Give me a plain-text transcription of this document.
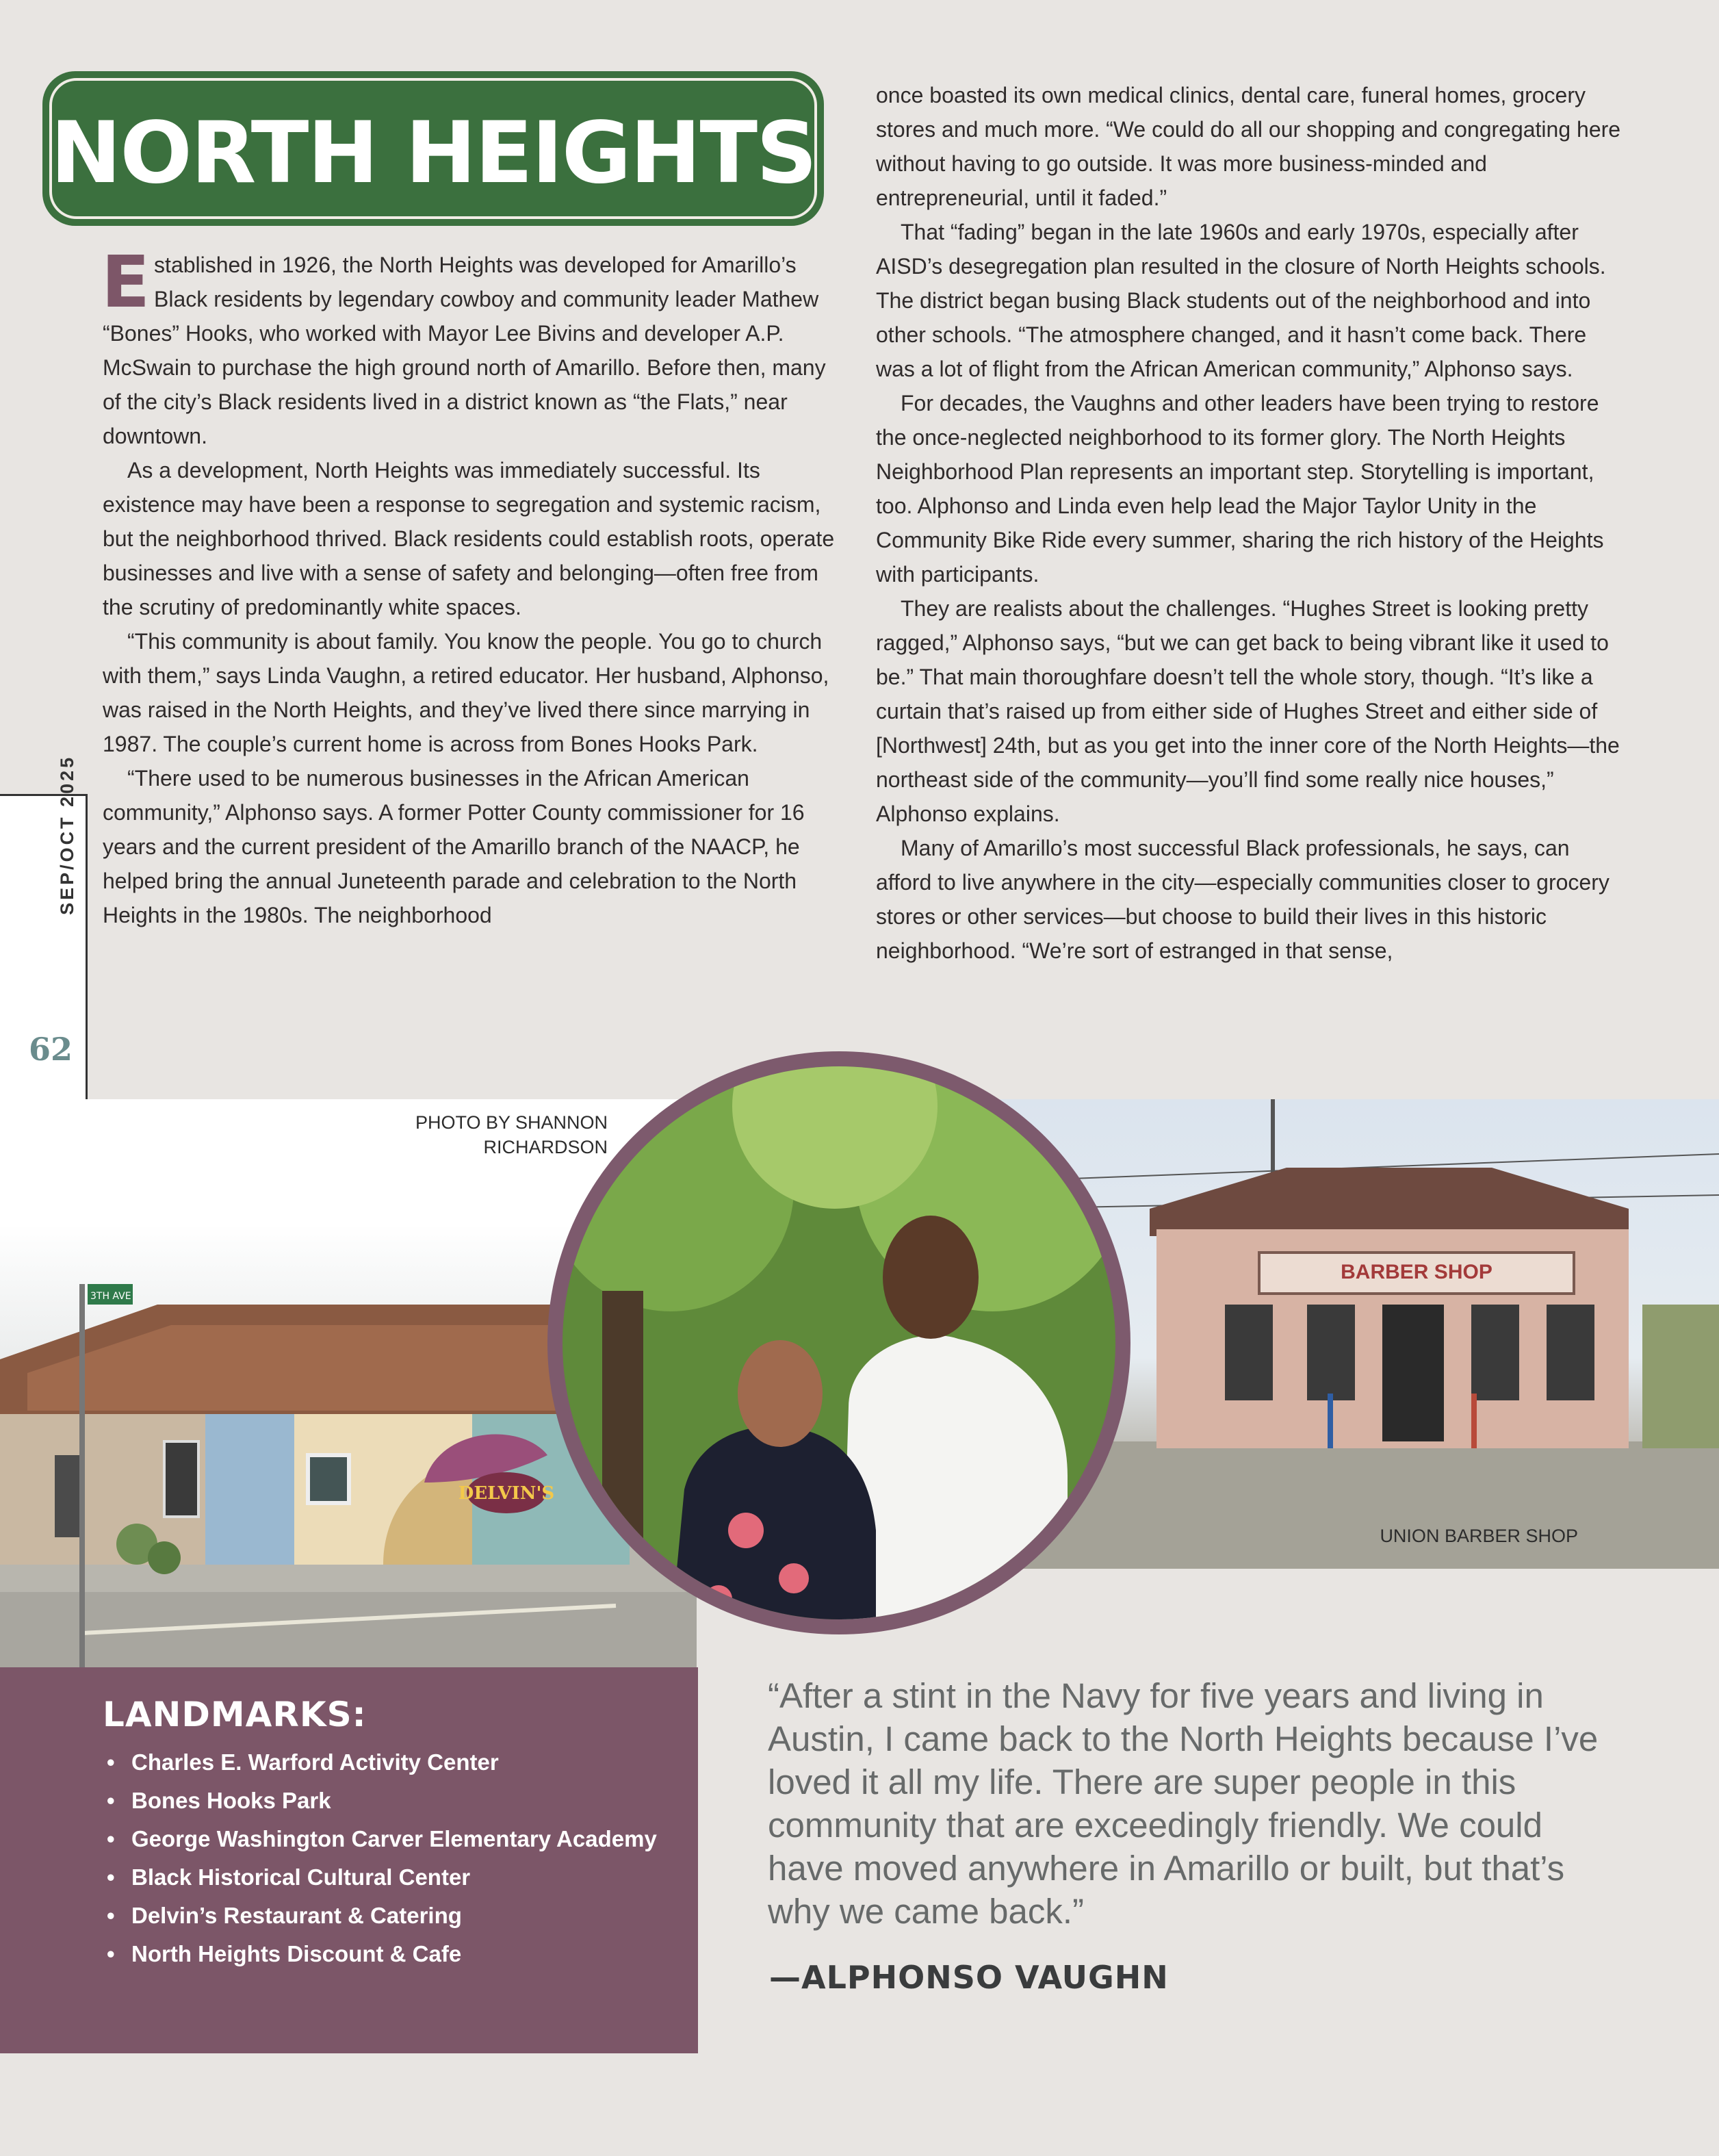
NORTH HEIGHTS

Established in 1926, the North Heights was developed for Amarillo’s Black residents by legendary cowboy and community leader Mathew “Bones” Hooks, who worked with Mayor Lee Bivins and developer A.P. McSwain to purchase the high ground north of Amarillo. Before then, many of the city’s Black residents lived in a district known as “the Flats,” near downtown.

As a development, North Heights was immediately successful. Its existence may have been a response to segregation and systemic racism, but the neighborhood thrived. Black residents could establish roots, operate businesses and live with a sense of safety and belonging—often free from the scrutiny of predominantly white spaces.

“This community is about family. You know the people. You go to church with them,” says Linda Vaughn, a retired educator. Her husband, Alphonso, was raised in the North Heights, and they’ve lived there since marrying in 1987. The couple’s current home is across from Bones Hooks Park.

“There used to be numerous businesses in the African American community,” Alphonso says. A former Potter County commissioner for 16 years and the current president of the Amarillo branch of the NAACP, he helped bring the annual Juneteenth parade and celebration to the North Heights in the 1980s. The neighborhood

once boasted its own medical clinics, dental care, funeral homes, grocery stores and much more. “We could do all our shopping and congregating here without having to go outside. It was more business-minded and entrepreneurial, until it faded.”

That “fading” began in the late 1960s and early 1970s, especially after AISD’s desegregation plan resulted in the closure of North Heights schools. The district began busing Black students out of the neighborhood and into other schools. “The atmosphere changed, and it hasn’t come back. There was a lot of flight from the African American community,” Alphonso says.

For decades, the Vaughns and other leaders have been trying to restore the once-neglected neighborhood to its former glory. The North Heights Neighborhood Plan represents an important step. Storytelling is important, too. Alphonso and Linda even help lead the Major Taylor Unity in the Community Bike Ride every summer, sharing the rich history of the Heights with participants.

They are realists about the challenges. “Hughes Street is looking pretty ragged,” Alphonso says, “but we can get back to being vibrant like it used to be.” That main thoroughfare doesn’t tell the whole story, though. “It’s like a curtain that’s raised up from either side of Hughes Street and either side of [Northwest] 24th, but as you get into the inner core of the North Heights—the northeast side of the community—you’ll find some really nice houses,” Alphonso explains.

Many of Amarillo’s most successful Black professionals, he says, can afford to live anywhere in the city—especially communities closer to grocery stores or other services—but choose to build their lives in this historic neighborhood. “We’re sort of estranged in that sense,

SEP/OCT 2025
62
DELVIN'S
3TH AVE
BARBER SHOP
PHOTO BY SHANNON RICHARDSON
UNION BARBER SHOP
LANDMARKS:
• Charles E. Warford Activity Center
• Bones Hooks Park
• George Washington Carver Elementary Academy
• Black Historical Cultural Center
• Delvin’s Restaurant & Catering
• North Heights Discount & Cafe
“After a stint in the Navy for five years and living in Austin, I came back to the North Heights because I’ve loved it all my life. There are super people in this community that are exceedingly friendly. We could have moved anywhere in Amarillo or built, but that’s why we came back.”
—ALPHONSO VAUGHN
